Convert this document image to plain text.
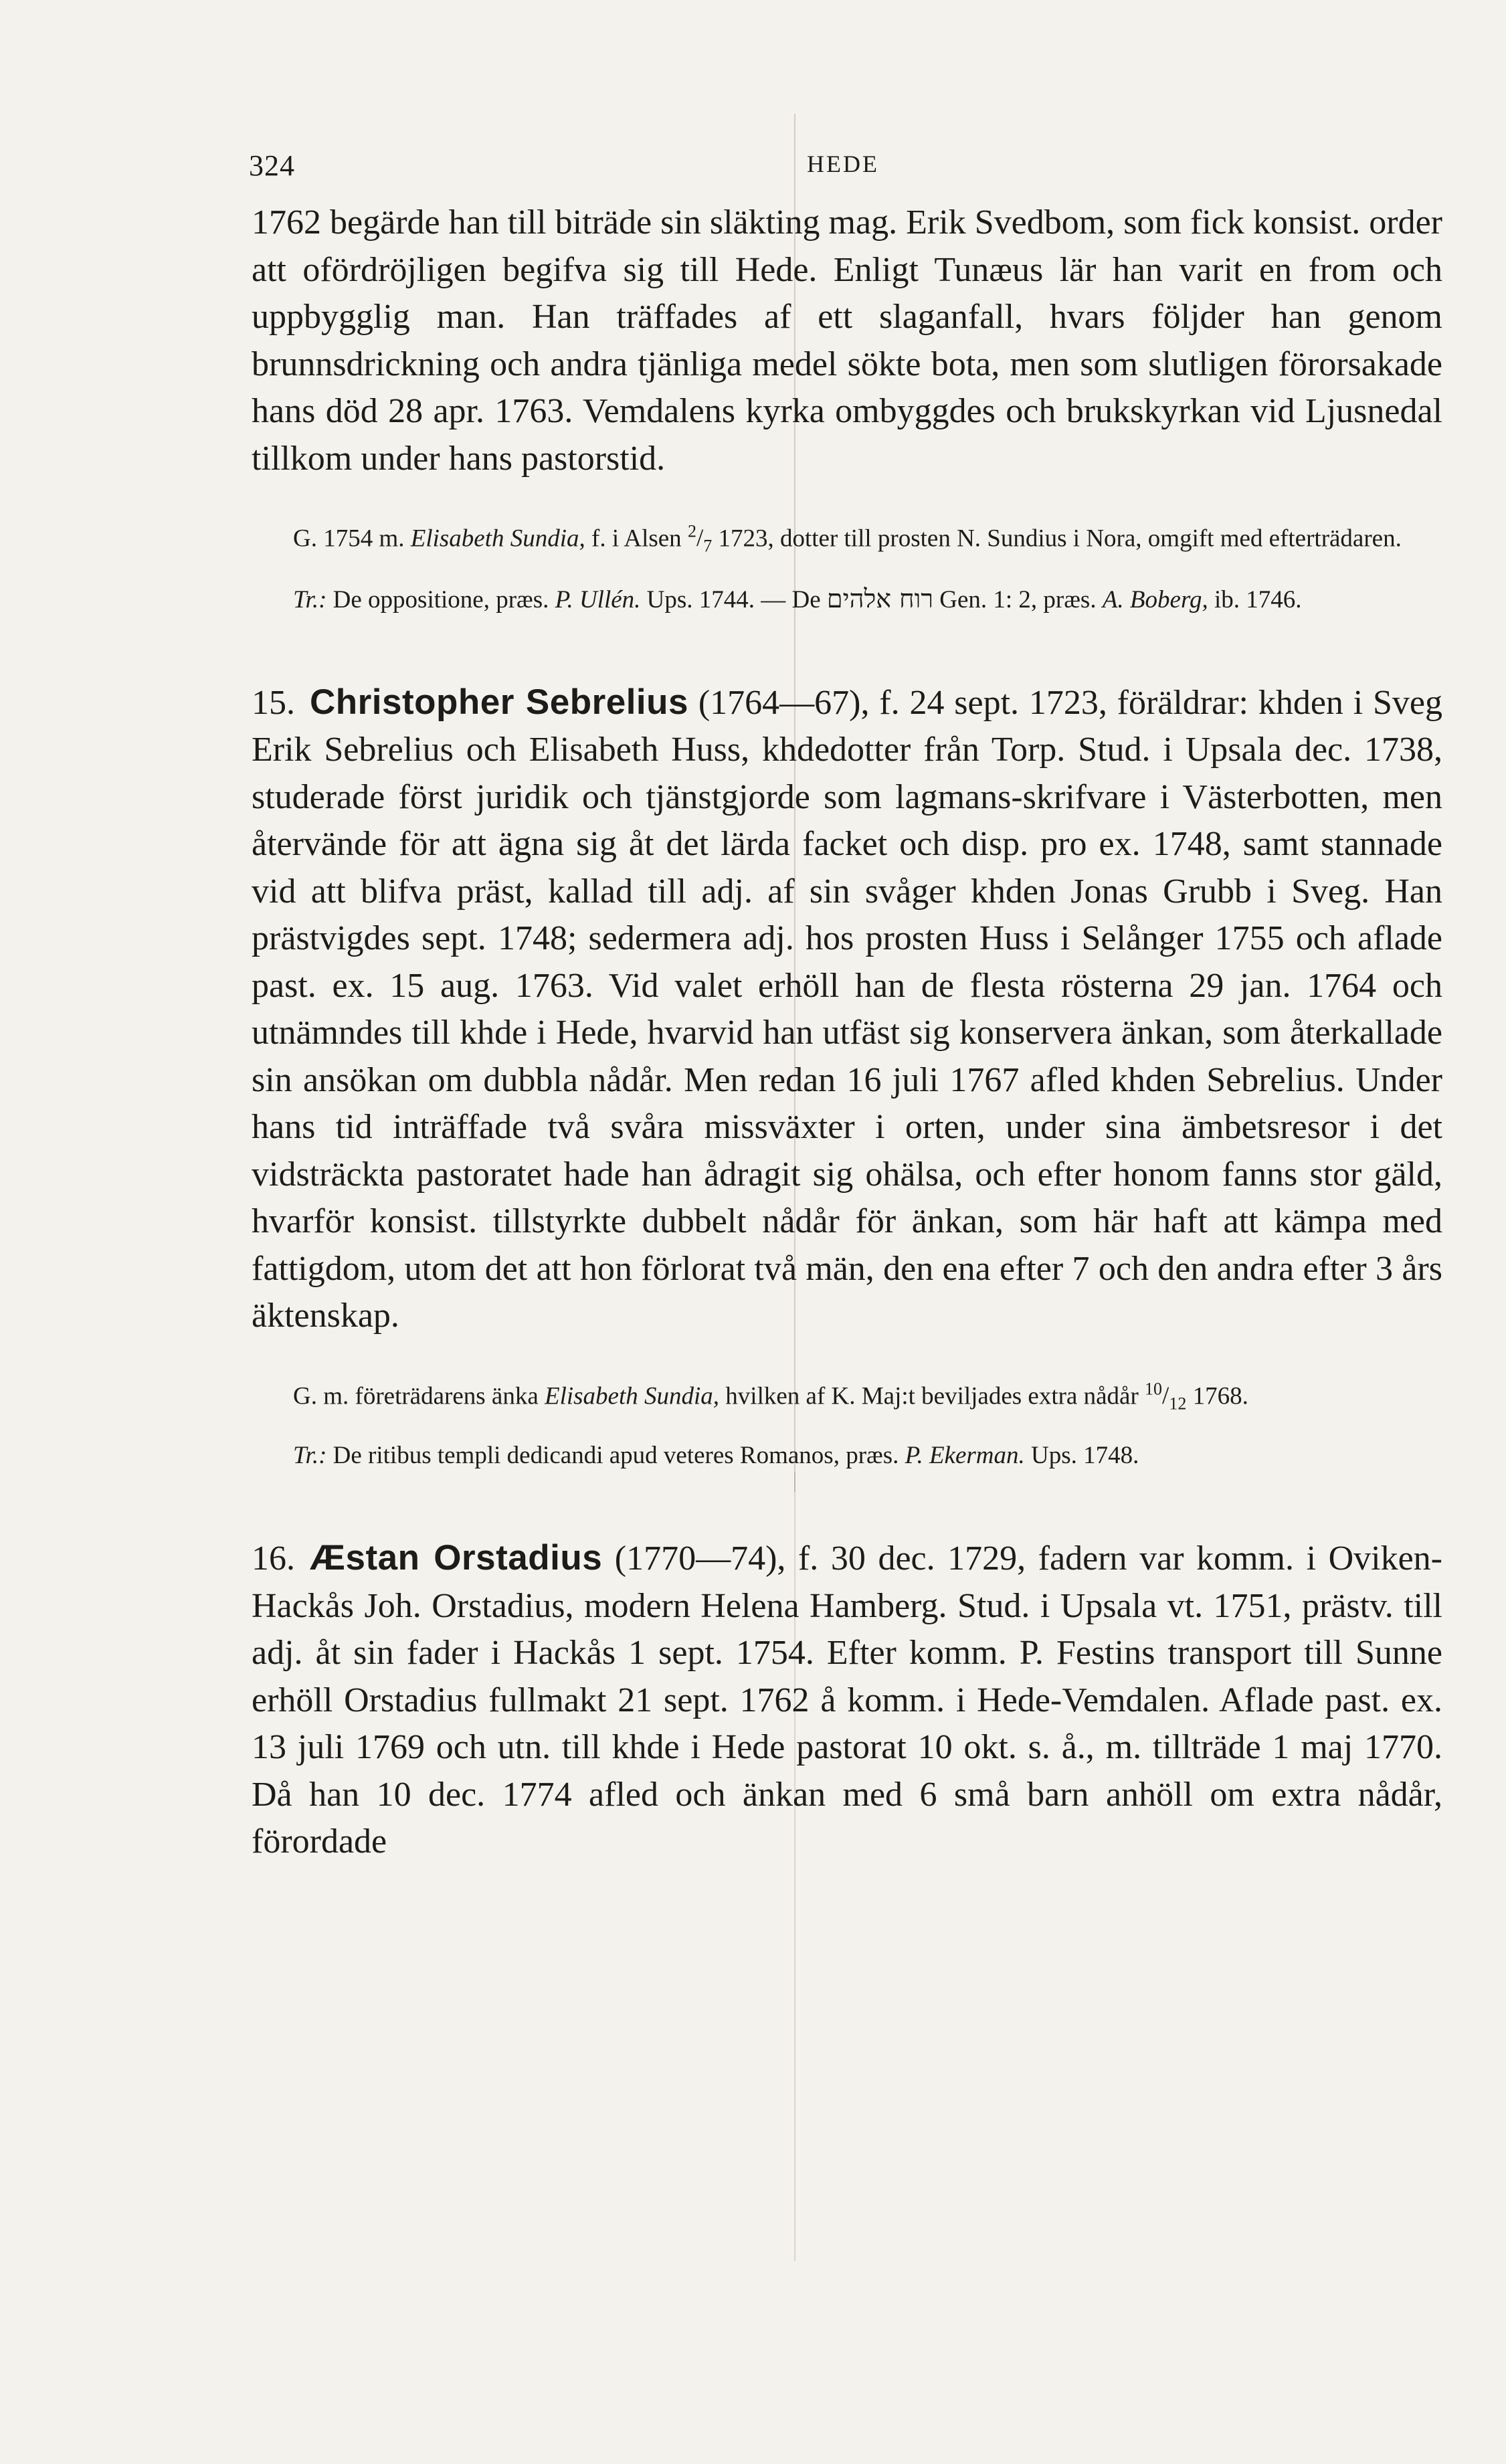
324	HEDE

1762 begärde han till biträde sin släkting mag. Erik Svedbom, som fick konsist. order att ofördröjligen begifva sig till Hede. Enligt Tunæus lär han varit en from och uppbygglig man. Han träffades af ett slaganfall, hvars följder han genom brunnsdrickning och andra tjänliga medel sökte bota, men som slutligen förorsakade hans död 28 apr. 1763. Vemdalens kyrka ombyggdes och brukskyrkan vid Ljusnedal tillkom under hans pastorstid.

G. 1754 m. Elisabeth Sundia, f. i Alsen $^2/_7$ 1723, dotter till prosten N. Sundius i Nora, omgift med efterträdaren.

Tr.: De oppositione, præs. P. Ullén. Ups. 1744. — De רוח אלהים Gen. 1: 2, præs. A. Boberg, ib. 1746.

15. Christopher Sebrelius (1764—67), f. 24 sept. 1723, föräldrar: khden i Sveg Erik Sebrelius och Elisabeth Huss, khdedotter från Torp. Stud. i Upsala dec. 1738, studerade först juridik och tjänstgjorde som lagmans-skrifvare i Västerbotten, men återvände för att ägna sig åt det lärda facket och disp. pro ex. 1748, samt stannade vid att blifva präst, kallad till adj. af sin svåger khden Jonas Grubb i Sveg. Han prästvigdes sept. 1748; sedermera adj. hos prosten Huss i Selånger 1755 och aflade past. ex. 15 aug. 1763. Vid valet erhöll han de flesta rösterna 29 jan. 1764 och utnämndes till khde i Hede, hvarvid han utfäst sig konservera änkan, som återkallade sin ansökan om dubbla nådår. Men redan 16 juli 1767 afled khden Sebrelius. Under hans tid inträffade två svåra missväxter i orten, under sina ämbetsresor i det vidsträckta pastoratet hade han ådragit sig ohälsa, och efter honom fanns stor gäld, hvarför konsist. tillstyrkte dubbelt nådår för änkan, som här haft att kämpa med fattigdom, utom det att hon förlorat två män, den ena efter 7 och den andra efter 3 års äktenskap.

G. m. företrädarens änka Elisabeth Sundia, hvilken af K. Maj:t beviljades extra nådår $^{10}/_{12}$ 1768.

Tr.: De ritibus templi dedicandi apud veteres Romanos, præs. P. Ekerman. Ups. 1748.

16. Æstan Orstadius (1770—74), f. 30 dec. 1729, fadern var komm. i Oviken-Hackås Joh. Orstadius, modern Helena Hamberg. Stud. i Upsala vt. 1751, prästv. till adj. åt sin fader i Hackås 1 sept. 1754. Efter komm. P. Festins transport till Sunne erhöll Orstadius fullmakt 21 sept. 1762 å komm. i Hede-Vemdalen. Aflade past. ex. 13 juli 1769 och utn. till khde i Hede pastorat 10 okt. s. å., m. tillträde 1 maj 1770. Då han 10 dec. 1774 afled och änkan med 6 små barn anhöll om extra nådår, förordade
